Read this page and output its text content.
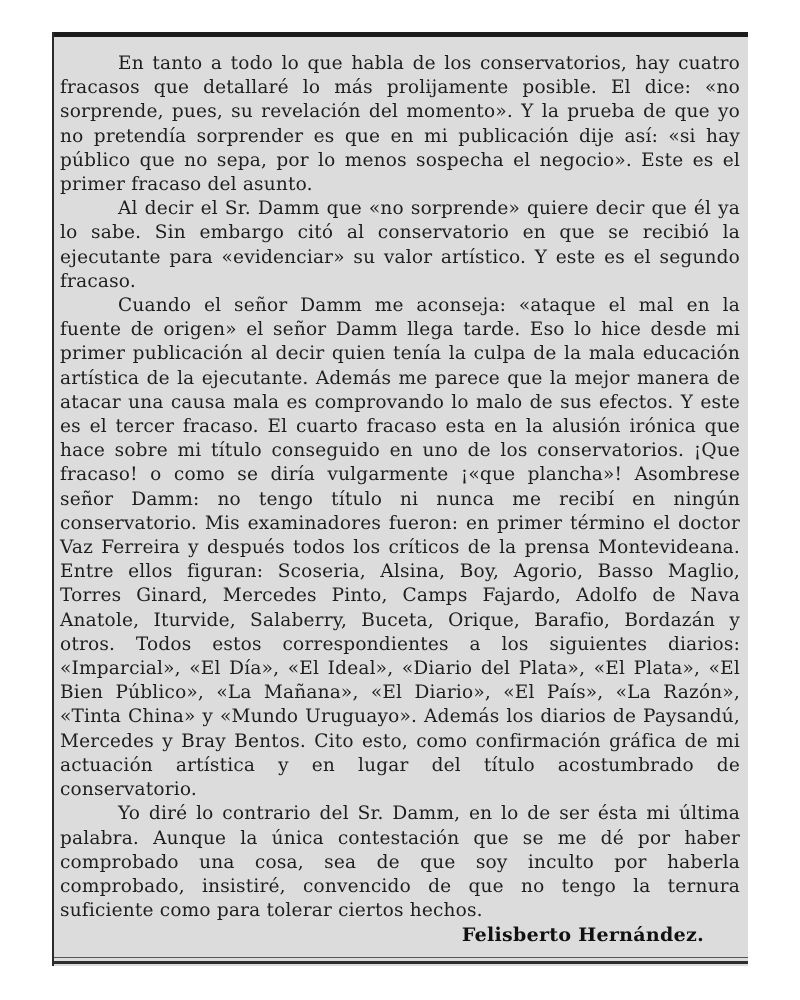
En tanto a todo lo que habla de los conservatorios, hay cuatro fracasos que detallaré lo más prolijamente posible. El dice: «no sorprende, pues, su revelación del momento». Y la prueba de que yo no pretendía sorprender es que en mi publicación dije así: «si hay público que no sepa, por lo menos sospecha el negocio». Este es el primer fracaso del asunto.

Al decir el Sr. Damm que «no sorprende» quiere decir que él ya lo sabe. Sin embargo citó al conservatorio en que se recibió la ejecutante para «evidenciar» su valor artístico. Y este es el segundo fracaso.

Cuando el señor Damm me aconseja: «ataque el mal en la fuente de origen» el señor Damm llega tarde. Eso lo hice desde mi primer publicación al decir quien tenía la culpa de la mala educación artística de la ejecutante. Además me parece que la mejor manera de atacar una causa mala es comprovando lo malo de sus efectos. Y este es el tercer fracaso. El cuarto fracaso esta en la alusión irónica que hace sobre mi título conseguido en uno de los conservatorios. ¡Que fracaso! o como se diría vulgarmente ¡«que plancha»! Asombrese señor Damm: no tengo título ni nunca me recibí en ningún conservatorio. Mis examinadores fueron: en primer término el doctor Vaz Ferreira y después todos los críticos de la prensa Montevideana. Entre ellos figuran: Scoseria, Alsina, Boy, Agorio, Basso Maglio, Torres Ginard, Mercedes Pinto, Camps Fajardo, Adolfo de Nava Anatole, Iturvide, Salaberry, Buceta, Orique, Barafio, Bordazán y otros. Todos estos correspondientes a los siguientes diarios: «Imparcial», «El Día», «El Ideal», «Diario del Plata», «El Plata», «El Bien Público», «La Mañana», «El Diario», «El País», «La Razón», «Tinta China» y «Mundo Uruguayo». Además los diarios de Paysandú, Mercedes y Bray Bentos. Cito esto, como confirmación gráfica de mi actuación artística y en lugar del título acostumbrado de conservatorio.

Yo diré lo contrario del Sr. Damm, en lo de ser ésta mi última palabra. Aunque la única contestación que se me dé por haber comprobado una cosa, sea de que soy inculto por haberla comprobado, insistiré, convencido de que no tengo la ternura suficiente como para tolerar ciertos hechos.

Felisberto Hernández.
